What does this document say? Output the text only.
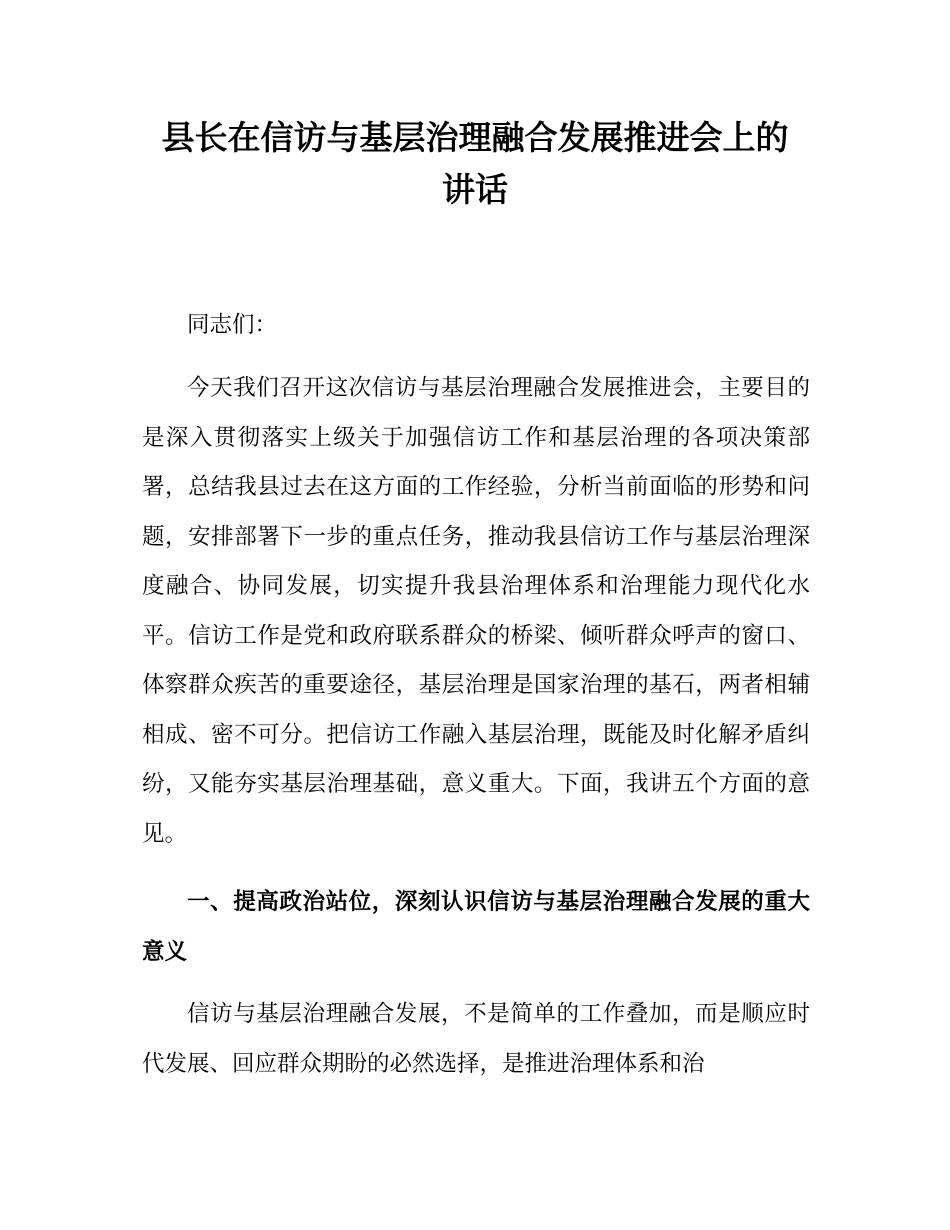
县长在信访与基层治理融合发展推进会上的
讲话

同志们：

今天我们召开这次信访与基层治理融合发展推进会，主要目的是深入贯彻落实上级关于加强信访工作和基层治理的各项决策部署，总结我县过去在这方面的工作经验，分析当前面临的形势和问题，安排部署下一步的重点任务，推动我县信访工作与基层治理深度融合、协同发展，切实提升我县治理体系和治理能力现代化水平。信访工作是党和政府联系群众的桥梁、倾听群众呼声的窗口、体察群众疾苦的重要途径，基层治理是国家治理的基石，两者相辅相成、密不可分。把信访工作融入基层治理，既能及时化解矛盾纠纷，又能夯实基层治理基础，意义重大。下面，我讲五个方面的意见。

一、提高政治站位，深刻认识信访与基层治理融合发展的重大意义

信访与基层治理融合发展，不是简单的工作叠加，而是顺应时代发展、回应群众期盼的必然选择，是推进治理体系和治
